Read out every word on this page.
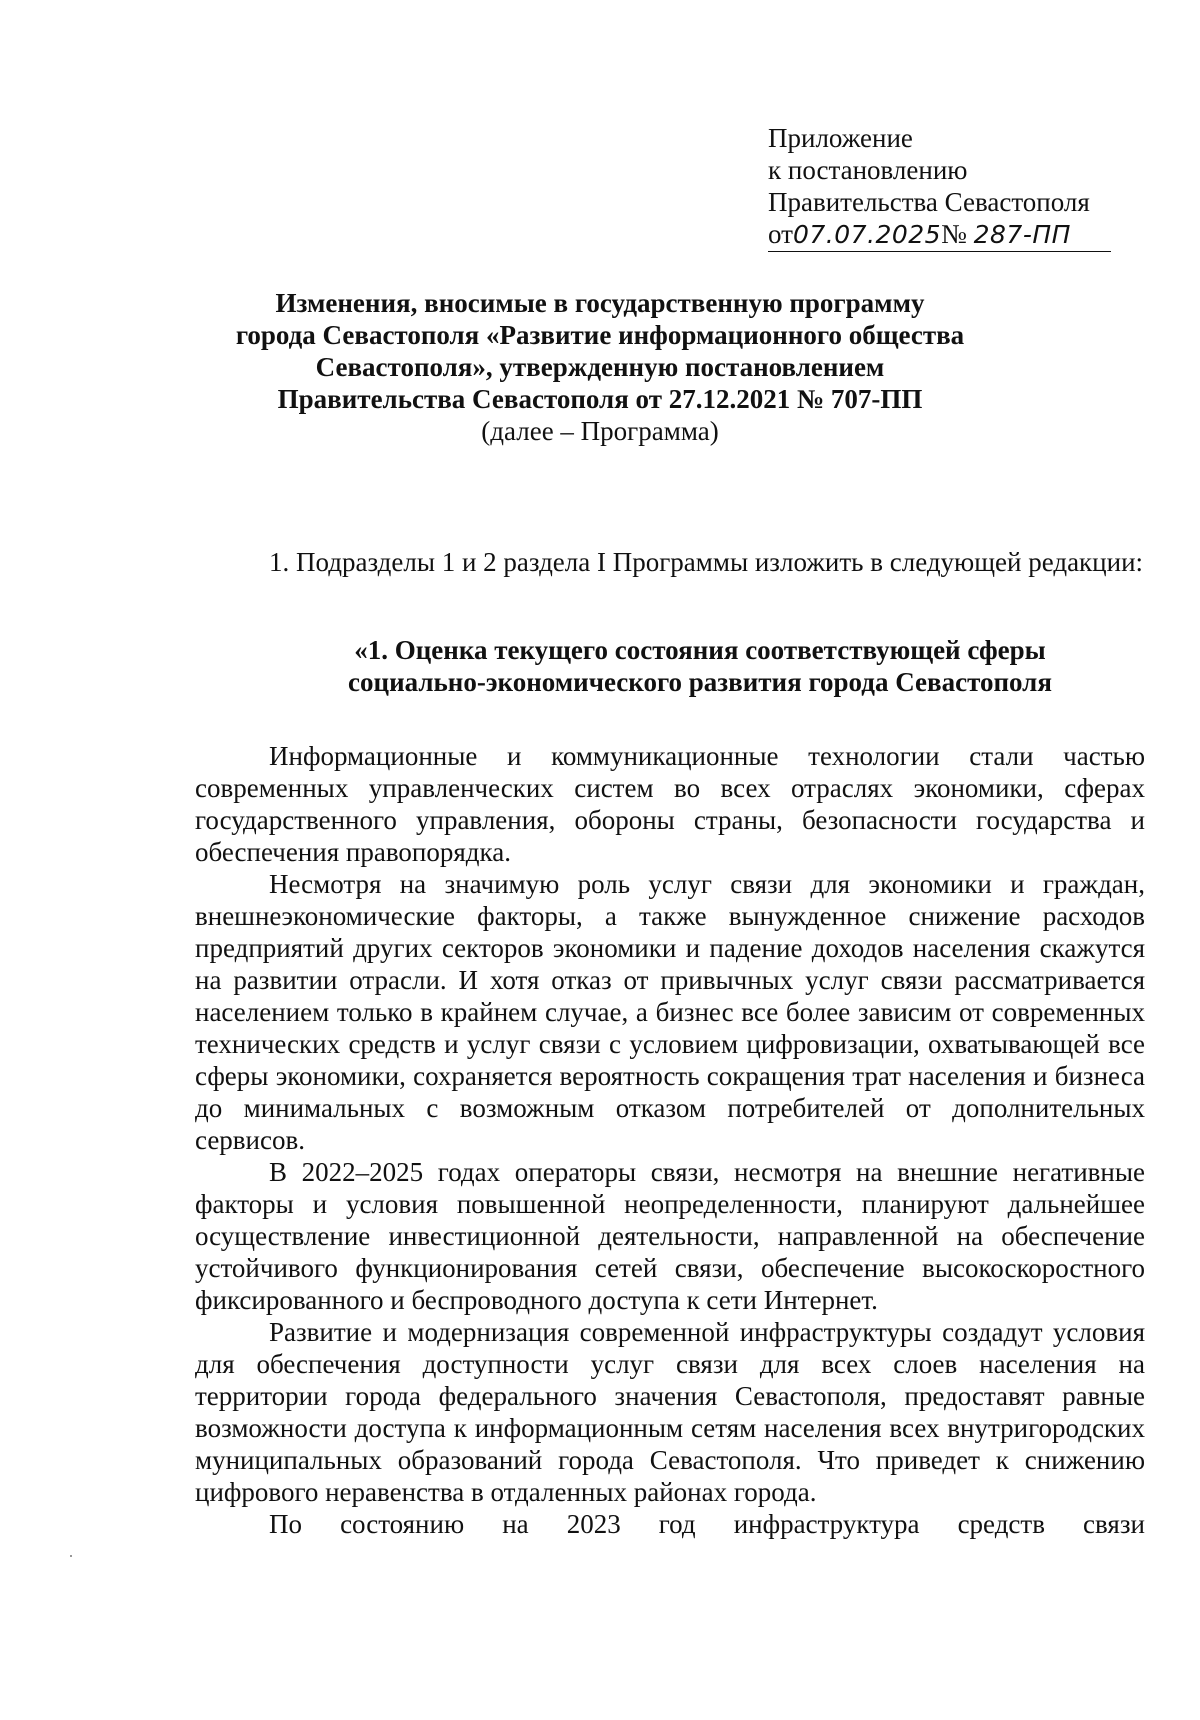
Приложение
к постановлению
Правительства Севастополя
от07.07.2025№ 287-ПП
Изменения, вносимые в государственную программу
города Севастополя «Развитие информационного общества
Севастополя», утвержденную постановлением
Правительства Севастополя от 27.12.2021 № 707-ПП
(далее – Программа)

1. Подразделы 1 и 2 раздела I Программы изложить в следующей редакции:

«1. Оценка текущего состояния соответствующей сферы
социально-экономического развития города Севастополя

Информационные и коммуникационные технологии стали частью современных управленческих систем во всех отраслях экономики, сферах государственного управления, обороны страны, безопасности государства и обеспечения правопорядка.

Несмотря на значимую роль услуг связи для экономики и граждан, внешнеэкономические факторы, а также вынужденное снижение расходов предприятий других секторов экономики и падение доходов населения скажутся на развитии отрасли. И хотя отказ от привычных услуг связи рассматривается населением только в крайнем случае, а бизнес все более зависим от современных технических средств и услуг связи с условием цифровизации, охватывающей все сферы экономики, сохраняется вероятность сокращения трат населения и бизнеса до минимальных с возможным отказом потребителей от дополнительных сервисов.

В 2022–2025 годах операторы связи, несмотря на внешние негативные факторы и условия повышенной неопределенности, планируют дальнейшее осуществление инвестиционной деятельности, направленной на обеспечение устойчивого функционирования сетей связи, обеспечение высокоскоростного фиксированного и беспроводного доступа к сети Интернет.

Развитие и модернизация современной инфраструктуры создадут условия для обеспечения доступности услуг связи для всех слоев населения на территории города федерального значения Севастополя, предоставят равные возможности доступа к информационным сетям населения всех внутригородских муниципальных образований города Севастополя. Что приведет к снижению цифрового неравенства в отдаленных районах города.

По состоянию на 2023 год инфраструктура средств связи
